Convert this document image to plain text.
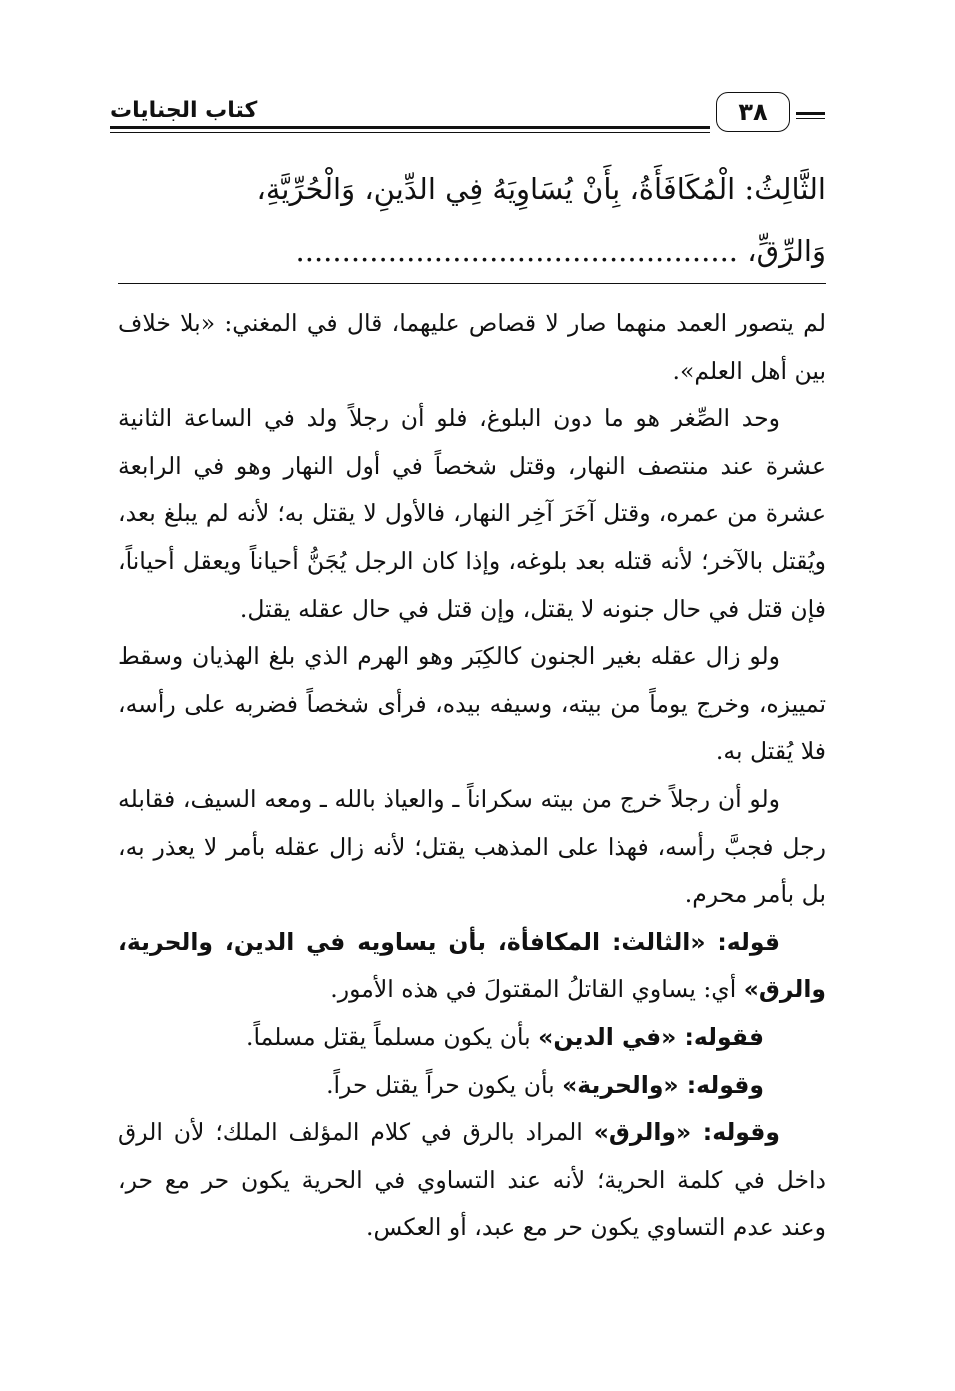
كتاب الجنايات	٣٨
الثَّالِثُ: الْمُكَافَأَةُ، بِأَنْ يُسَاوِيَهُ فِي الدِّينِ، وَالْحُرِّيَّةِ،
وَالرِّقِّ، ................................................

لم يتصور العمد منهما صار لا قصاص عليهما، قال في المغني: «بلا خلاف بين أهل العلم».

وحد الصِّغر هو ما دون البلوغ، فلو أن رجلاً ولد في الساعة الثانية عشرة عند منتصف النهار، وقتل شخصاً في أول النهار وهو في الرابعة عشرة من عمره، وقتل آخَرَ آخِر النهار، فالأول لا يقتل به؛ لأنه لم يبلغ بعد، ويُقتل بالآخر؛ لأنه قتله بعد بلوغه، وإذا كان الرجل يُجَنُّ أحياناً ويعقل أحياناً، فإن قتل في حال جنونه لا يقتل، وإن قتل في حال عقله يقتل.

ولو زال عقله بغير الجنون كالكِبَر وهو الهرم الذي بلغ الهذيان وسقط تمييزه، وخرج يوماً من بيته، وسيفه بيده، فرأى شخصاً فضربه على رأسه، فلا يُقتل به.

ولو أن رجلاً خرج من بيته سكراناً ـ والعياذ بالله ـ ومعه السيف، فقابله رجل فجبَّ رأسه، فهذا على المذهب يقتل؛ لأنه زال عقله بأمر لا يعذر به، بل بأمر محرم.

قوله: «الثالث: المكافأة، بأن يساويه في الدين، والحرية، والرق» أي: يساوي القاتلُ المقتولَ في هذه الأمور.

فقوله: «في الدين» بأن يكون مسلماً يقتل مسلماً.

وقوله: «والحرية» بأن يكون حراً يقتل حراً.

وقوله: «والرق» المراد بالرق في كلام المؤلف الملك؛ لأن الرق داخل في كلمة الحرية؛ لأنه عند التساوي في الحرية يكون حر مع حر، وعند عدم التساوي يكون حر مع عبد، أو العكس.
